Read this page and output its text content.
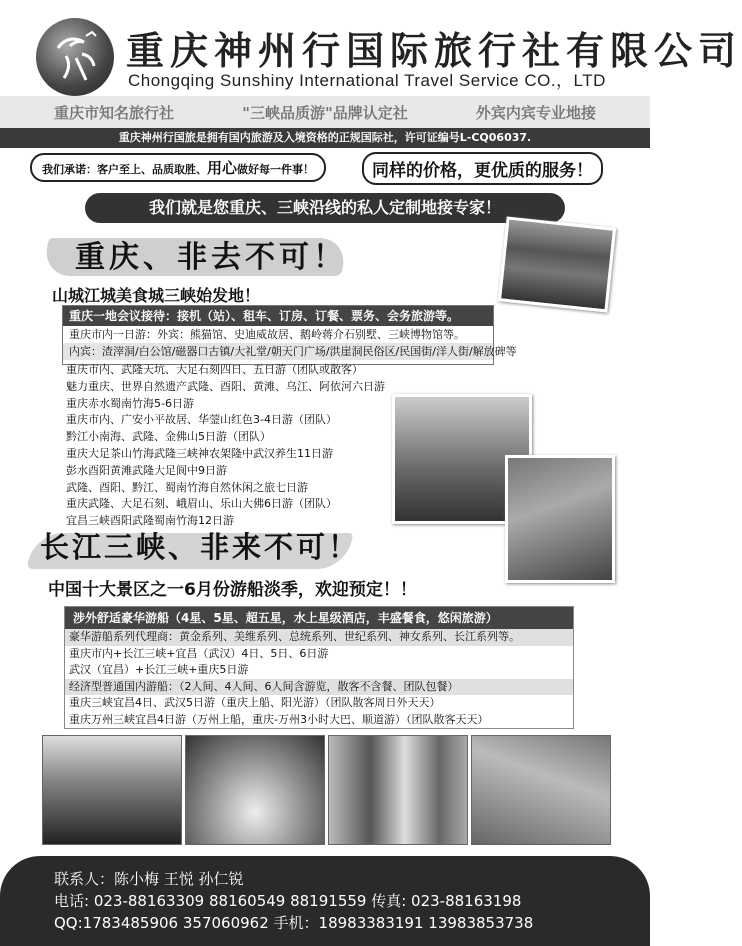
重庆神州行国际旅行社有限公司
Chongqing Sunshiny International Travel Service CO.，LTD
重庆市知名旅行社	"三峡品质游"品牌认定社	外宾内宾专业地接
重庆神州行国旅是拥有国内旅游及入境资格的正规国际社，许可证编号L-CQ06037.
我们承诺：客户至上、品质取胜、用心做好每一件事！	同样的价格，更优质的服务！
我们就是您重庆、三峡沿线的私人定制地接专家！
重庆、非去不可！
山城江城美食城三峡始发地！
重庆一地会议接待：接机（站）、租车、订房、订餐、票务、会务旅游等。

重庆市内一日游：外宾：熊猫馆、史迪威故居、鹅岭蒋介石别墅、三峡博物馆等。

内宾：渣滓洞/白公馆/磁器口古镇/大礼堂/朝天门广场/洪崖洞民俗区/民国街/洋人街/解放碑等

重庆市内、武隆天坑、大足石刻四日、五日游（团队或散客）

魅力重庆、世界自然遗产武隆、酉阳、黄滩、乌江、阿依河六日游

重庆赤水蜀南竹海5-6日游

重庆市内、广安小平故居、华蓥山红色3-4日游（团队）

黔江小南海、武隆、金佛山5日游（团队）

重庆大足茶山竹海武隆三峡神农架隆中武汉养生11日游

彭水酉阳黄滩武隆大足阆中9日游

武隆、酉阳、黔江、蜀南竹海自然休闲之旅七日游

重庆武隆、大足石刻、峨眉山、乐山大佛6日游（团队）

宜昌三峡酉阳武隆蜀南竹海12日游

长江三峡、非来不可！
中国十大景区之一6月份游船淡季，欢迎预定！！
涉外舒适豪华游船（4星、5星、超五星，水上星级酒店，丰盛餐食，悠闲旅游）

豪华游船系列代理商：黄金系列、美维系列、总统系列、世纪系列、神女系列、长江系列等。

重庆市内+长江三峡+宜昌（武汉）4日、5日、6日游

武汉（宜昌）+长江三峡+重庆5日游

经济型普通国内游船：（2人间、4人间、6人间含游览，散客不含餐、团队包餐）

重庆三峡宜昌4日、武汉5日游（重庆上船、阳光游）（团队散客周日外天天）

重庆万州三峡宜昌4日游（万州上船，重庆-万州3小时大巴、顺道游）（团队散客天天）

联系人：陈小梅 王悦 孙仁锐

电话: 023-88163309 88160549 88191559 传真: 023-88163198

QQ:1783485906 357060962 手机：18983383191 13983853738
